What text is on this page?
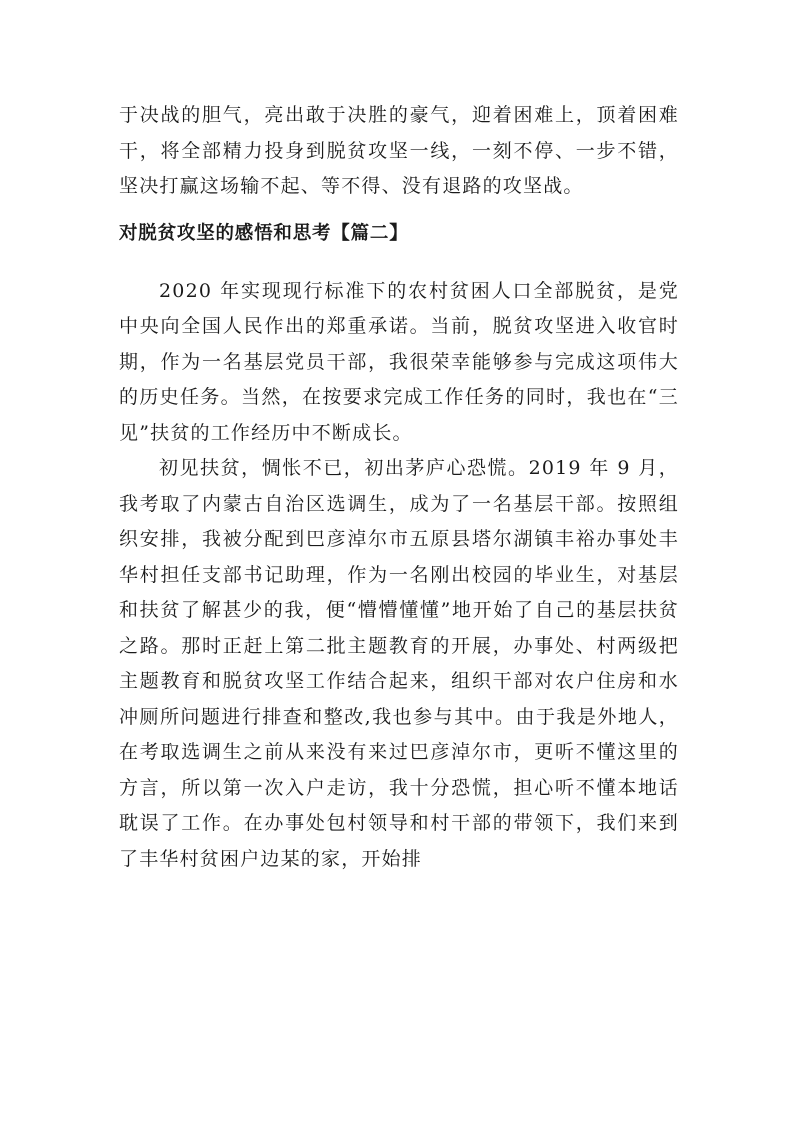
于决战的胆气，亮出敢于决胜的豪气，迎着困难上，顶着困难干，将全部精力投身到脱贫攻坚一线，一刻不停、一步不错，坚决打赢这场输不起、等不得、没有退路的攻坚战。

对脱贫攻坚的感悟和思考【篇二】

2020 年实现现行标准下的农村贫困人口全部脱贫，是党中央向全国人民作出的郑重承诺。当前，脱贫攻坚进入收官时期，作为一名基层党员干部，我很荣幸能够参与完成这项伟大的历史任务。当然，在按要求完成工作任务的同时，我也在“三见”扶贫的工作经历中不断成长。

初见扶贫，惆怅不已，初出茅庐心恐慌。2019 年 9 月，我考取了内蒙古自治区选调生，成为了一名基层干部。按照组织安排，我被分配到巴彦淖尔市五原县塔尔湖镇丰裕办事处丰华村担任支部书记助理，作为一名刚出校园的毕业生，对基层和扶贫了解甚少的我，便“懵懵懂懂”地开始了自己的基层扶贫之路。那时正赶上第二批主题教育的开展，办事处、村两级把主题教育和脱贫攻坚工作结合起来，组织干部对农户住房和水冲厕所问题进行排查和整改,我也参与其中。由于我是外地人，在考取选调生之前从来没有来过巴彦淖尔市，更听不懂这里的方言，所以第一次入户走访，我十分恐慌，担心听不懂本地话耽误了工作。在办事处包村领导和村干部的带领下，我们来到了丰华村贫困户边某的家，开始排
